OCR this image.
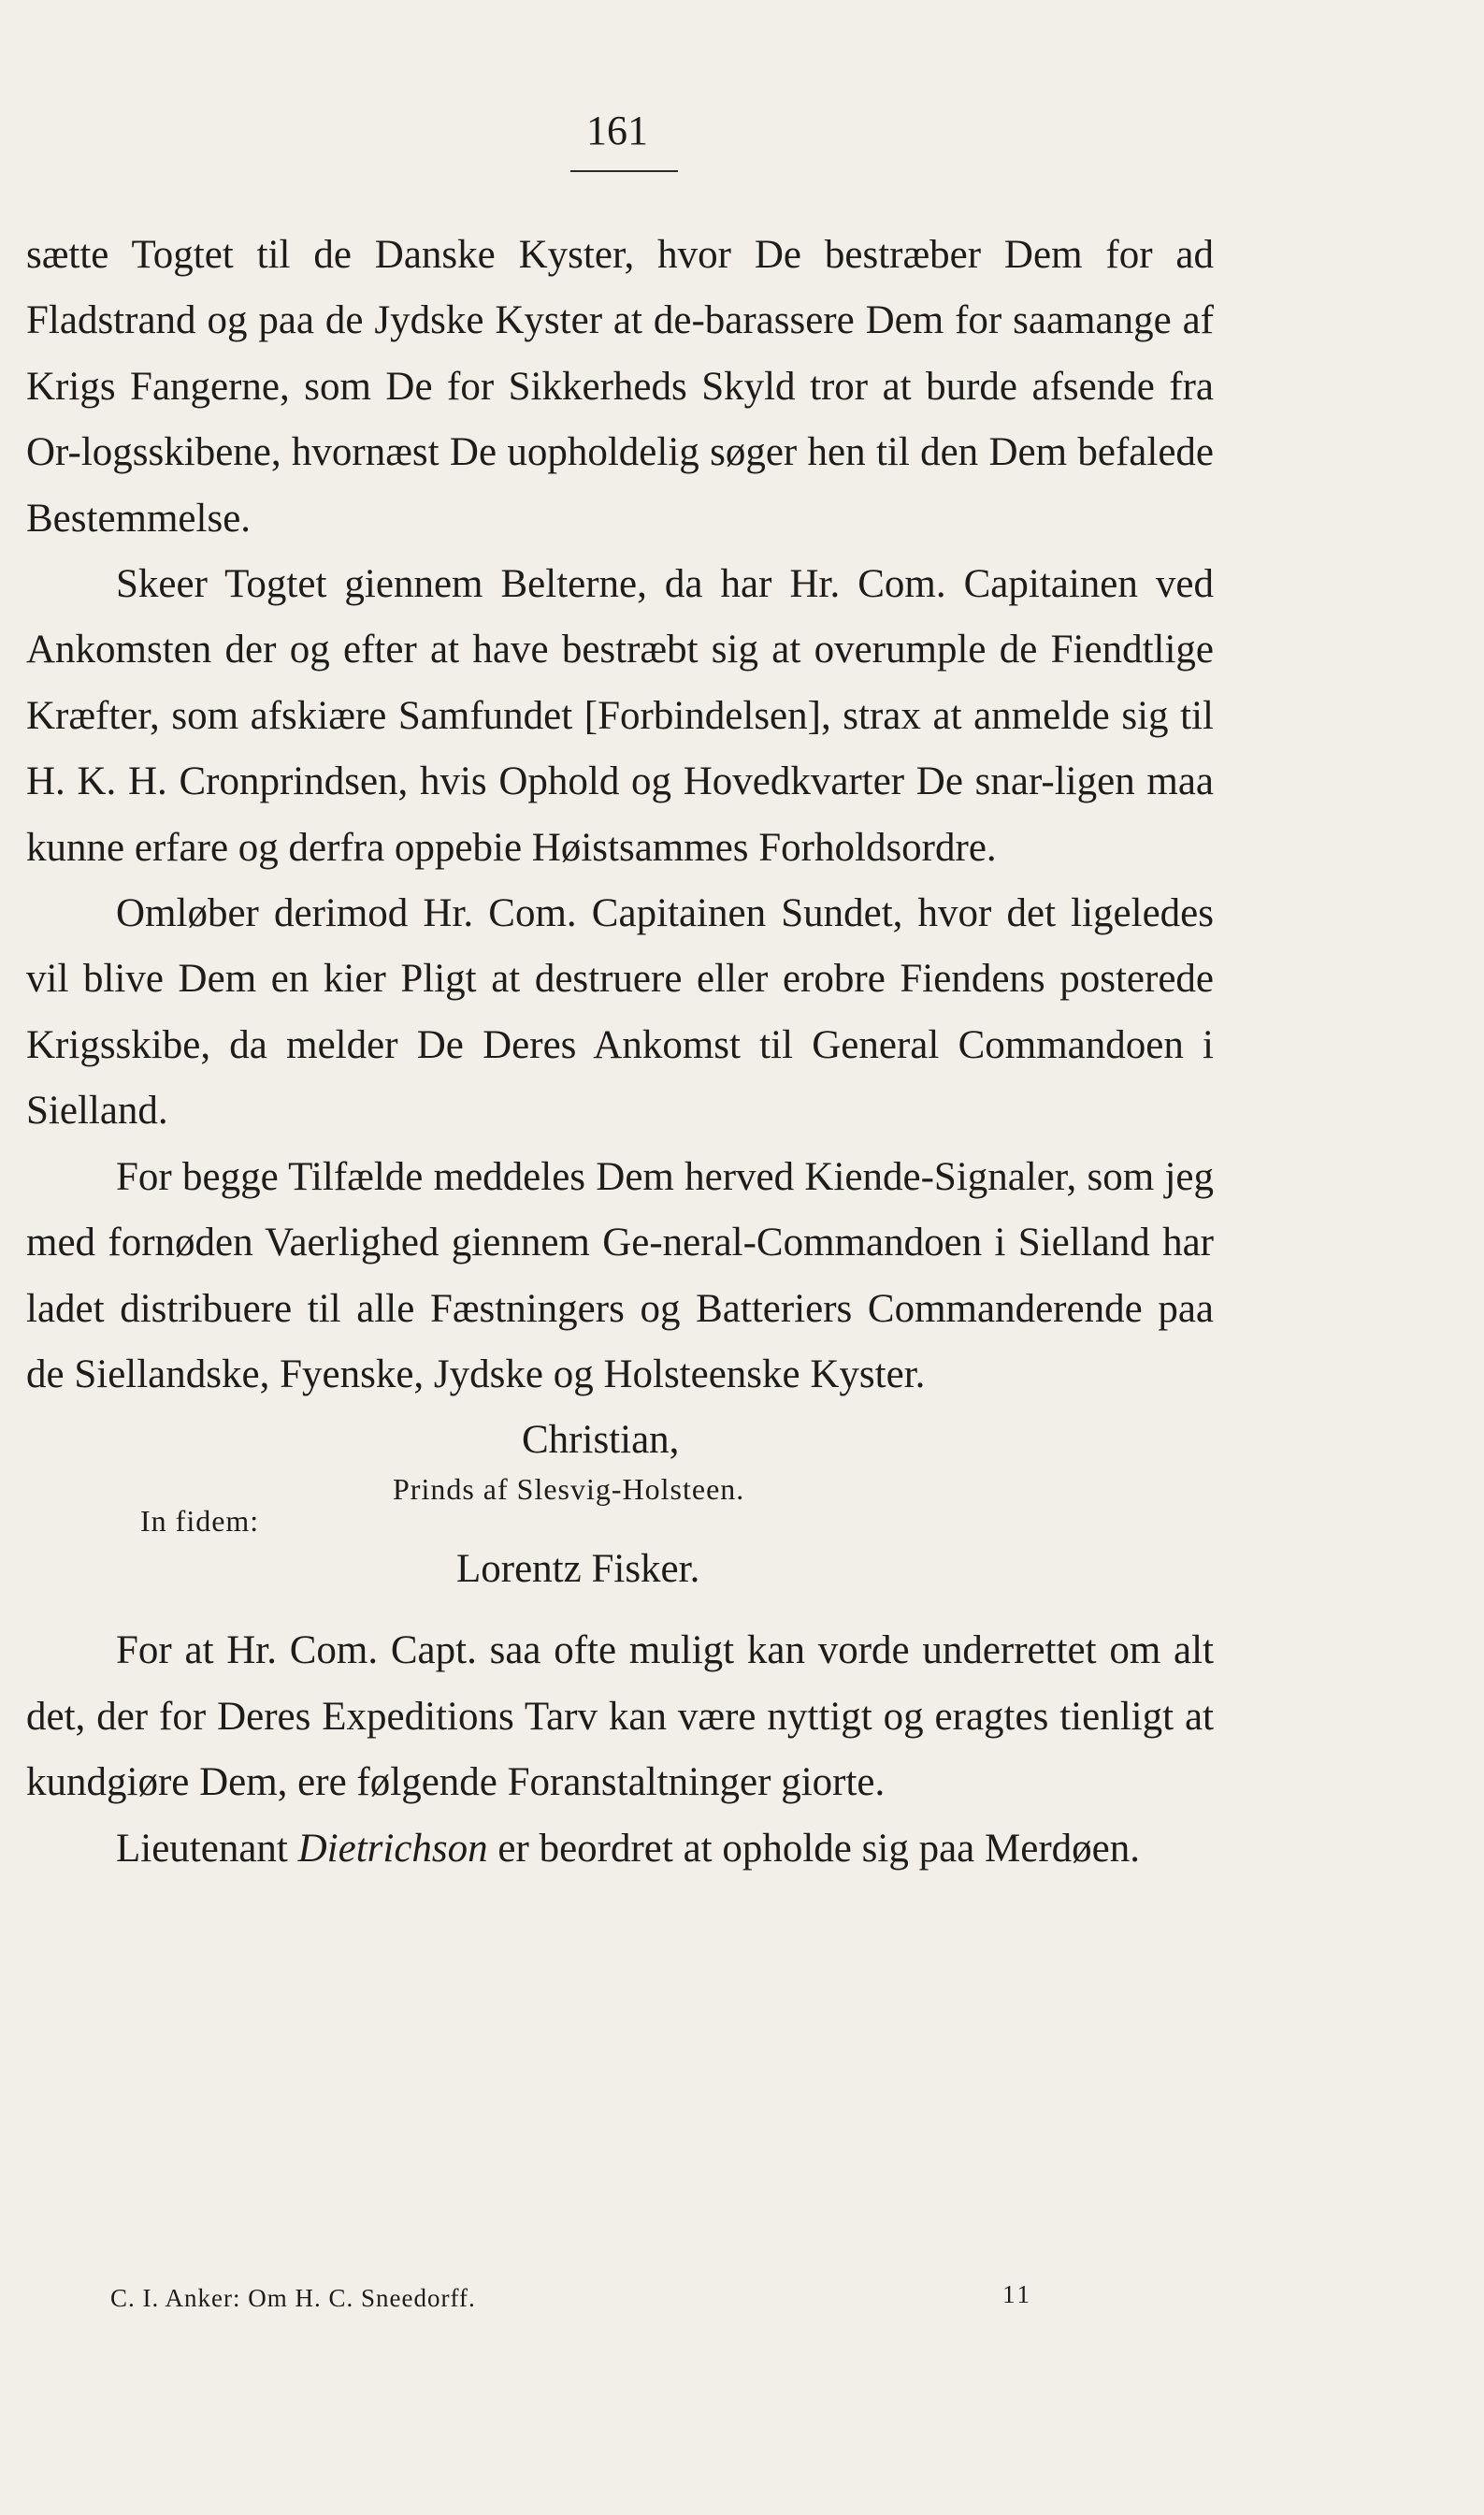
161

sætte Togtet til de Danske Kyster, hvor De bestræber Dem for ad Fladstrand og paa de Jydske Kyster at de-barassere Dem for saamange af Krigs Fangerne, som De for Sikkerheds Skyld tror at burde afsende fra Or-logsskibene, hvornæst De uopholdelig søger hen til den Dem befalede Bestemmelse.

Skeer Togtet giennem Belterne, da har Hr. Com. Capitainen ved Ankomsten der og efter at have bestræbt sig at overumple de Fiendtlige Kræfter, som afskiære Samfundet [Forbindelsen], strax at anmelde sig til H. K. H. Cronprindsen, hvis Ophold og Hovedkvarter De snar-ligen maa kunne erfare og derfra oppebie Høistsammes Forholdsordre.

Omløber derimod Hr. Com. Capitainen Sundet, hvor det ligeledes vil blive Dem en kier Pligt at destruere eller erobre Fiendens posterede Krigsskibe, da melder De Deres Ankomst til General Commandoen i Sielland.

For begge Tilfælde meddeles Dem herved Kiende-Signaler, som jeg med fornøden Vaerlighed giennem Ge-neral-Commandoen i Sielland har ladet distribuere til alle Fæstningers og Batteriers Commanderende paa de Siellandske, Fyenske, Jydske og Holsteenske Kyster.

Christian,
Prinds af Slesvig-Holsteen.
In fidem:
Lorentz Fisker.

For at Hr. Com. Capt. saa ofte muligt kan vorde underrettet om alt det, der for Deres Expeditions Tarv kan være nyttigt og eragtes tienligt at kundgiøre Dem, ere følgende Foranstaltninger giorte.

Lieutenant Dietrichson er beordret at opholde sig paa Merdøen.

C. I. Anker: Om H. C. Sneedorff.	11
